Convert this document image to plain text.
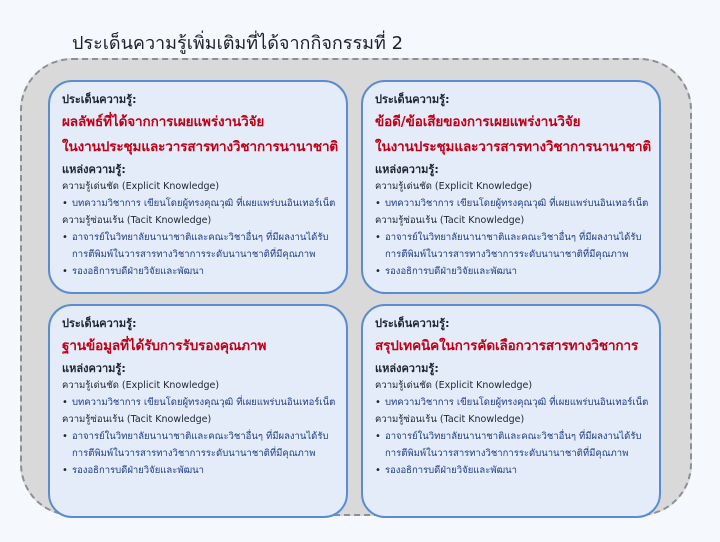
ประเด็นความรู้เพิ่มเติมที่ได้จากกิจกรรมที่ 2
ประเด็นความรู้:
ผลลัพธ์ที่ได้จากการเผยแพร่งานวิจัย
ในงานประชุมและวารสารทางวิชาการนานาชาติ
แหล่งความรู้:
ความรู้เด่นชัด (Explicit Knowledge)
• บทความวิชาการ เขียนโดยผู้ทรงคุณวุฒิ ที่เผยแพร่บนอินเทอร์เน็ต
ความรู้ซ่อนเร้น (Tacit Knowledge)
• อาจารย์ในวิทยาลัยนานาชาติและคณะวิชาอื่นๆ ที่มีผลงานได้รับ
การตีพิมพ์ในวารสารทางวิชาการระดับนานาชาติที่มีคุณภาพ
• รองอธิการบดีฝ่ายวิจัยและพัฒนา
ประเด็นความรู้:
ข้อดี/ข้อเสียของการเผยแพร่งานวิจัย
ในงานประชุมและวารสารทางวิชาการนานาชาติ
แหล่งความรู้:
ความรู้เด่นชัด (Explicit Knowledge)
• บทความวิชาการ เขียนโดยผู้ทรงคุณวุฒิ ที่เผยแพร่บนอินเทอร์เน็ต
ความรู้ซ่อนเร้น (Tacit Knowledge)
• อาจารย์ในวิทยาลัยนานาชาติและคณะวิชาอื่นๆ ที่มีผลงานได้รับ
การตีพิมพ์ในวารสารทางวิชาการระดับนานาชาติที่มีคุณภาพ
• รองอธิการบดีฝ่ายวิจัยและพัฒนา
ประเด็นความรู้:
ฐานข้อมูลที่ได้รับการรับรองคุณภาพ
แหล่งความรู้:
ความรู้เด่นชัด (Explicit Knowledge)
• บทความวิชาการ เขียนโดยผู้ทรงคุณวุฒิ ที่เผยแพร่บนอินเทอร์เน็ต
ความรู้ซ่อนเร้น (Tacit Knowledge)
• อาจารย์ในวิทยาลัยนานาชาติและคณะวิชาอื่นๆ ที่มีผลงานได้รับ
การตีพิมพ์ในวารสารทางวิชาการระดับนานาชาติที่มีคุณภาพ
• รองอธิการบดีฝ่ายวิจัยและพัฒนา
ประเด็นความรู้:
สรุปเทคนิคในการคัดเลือกวารสารทางวิชาการ
แหล่งความรู้:
ความรู้เด่นชัด (Explicit Knowledge)
• บทความวิชาการ เขียนโดยผู้ทรงคุณวุฒิ ที่เผยแพร่บนอินเทอร์เน็ต
ความรู้ซ่อนเร้น (Tacit Knowledge)
• อาจารย์ในวิทยาลัยนานาชาติและคณะวิชาอื่นๆ ที่มีผลงานได้รับ
การตีพิมพ์ในวารสารทางวิชาการระดับนานาชาติที่มีคุณภาพ
• รองอธิการบดีฝ่ายวิจัยและพัฒนา
